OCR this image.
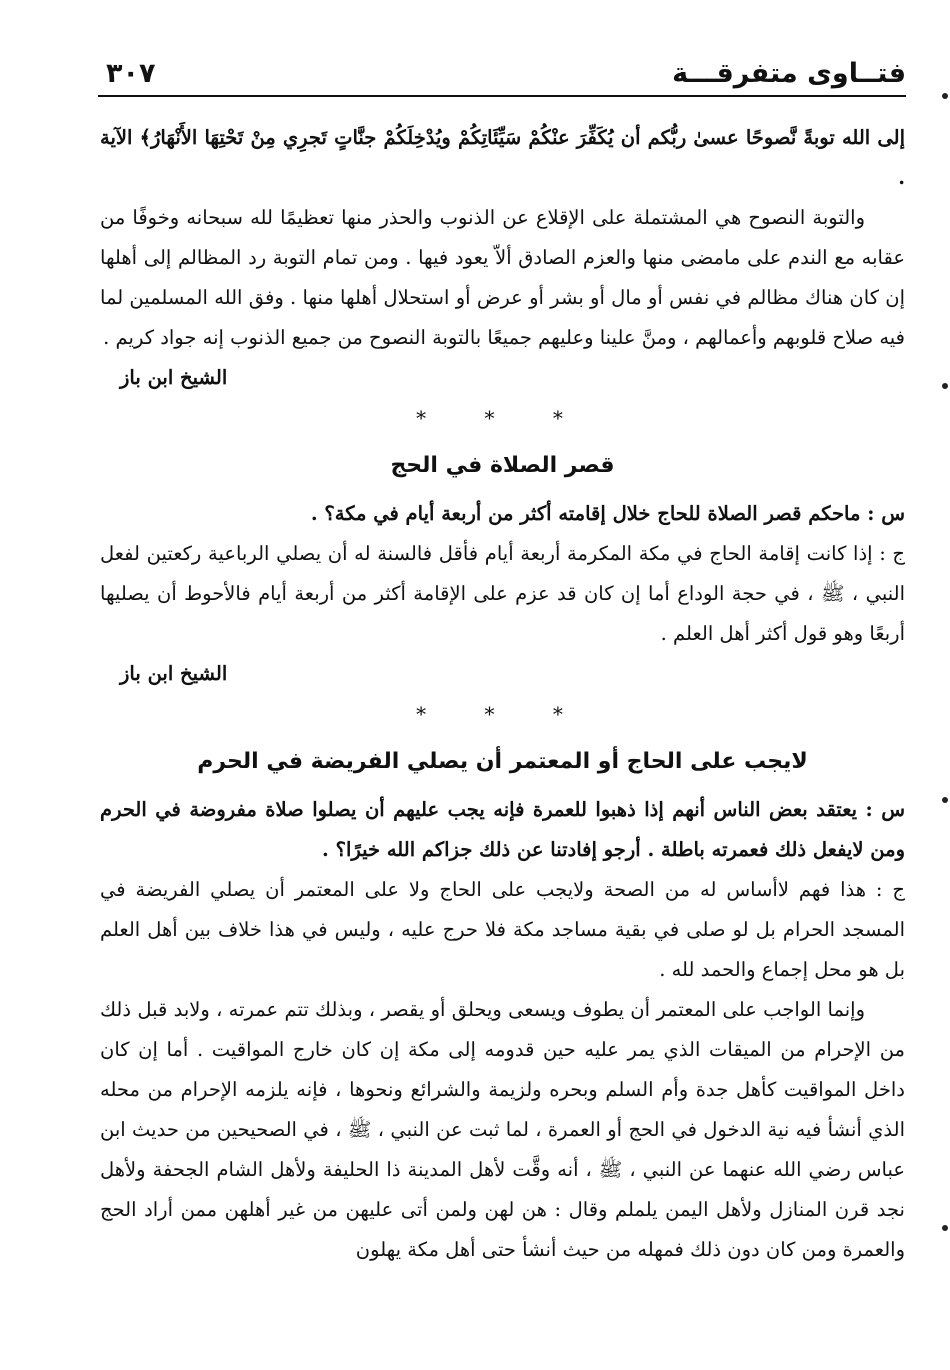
فتــاوى متفرقـــة
٣٠٧

إلى الله توبةً نَّصوحًا عسىٰ ربُّكم أن يُكَفِّرَ عنْكُمْ سَيِّئَاتِكُمْ ويُدْخِلَكُمْ جنَّاتٍ تَجرِي مِنْ تَحْتِهَا الأَنْهَارُ﴾ الآية .

والتوبة النصوح هي المشتملة على الإقلاع عن الذنوب والحذر منها تعظيمًا لله سبحانه وخوفًا من عقابه مع الندم على مامضى منها والعزم الصادق ألاّ يعود فيها . ومن تمام التوبة رد المظالم إلى أهلها إن كان هناك مظالم في نفس أو مال أو بشر أو عرض أو استحلال أهلها منها . وفق الله المسلمين لما فيه صلاح قلوبهم وأعمالهم ، ومنَّ علينا وعليهم جميعًا بالتوبة النصوح من جميع الذنوب إنه جواد كريم .

الشيخ ابن باز

* * *

قصر الصلاة في الحج

س : ماحكم قصر الصلاة للحاج خلال إقامته أكثر من أربعة أيام في مكة؟ .

ج : إذا كانت إقامة الحاج في مكة المكرمة أربعة أيام فأقل فالسنة له أن يصلي الرباعية ركعتين لفعل النبي ، ﷺ ، في حجة الوداع أما إن كان قد عزم على الإقامة أكثر من أربعة أيام فالأحوط أن يصليها أربعًا وهو قول أكثر أهل العلم .

الشيخ ابن باز

* * *

لايجب على الحاج أو المعتمر أن يصلي الفريضة في الحرم

س : يعتقد بعض الناس أنهم إذا ذهبوا للعمرة فإنه يجب عليهم أن يصلوا صلاة مفروضة في الحرم ومن لايفعل ذلك فعمرته باطلة . أرجو إفادتنا عن ذلك جزاكم الله خيرًا؟ .

ج : هذا فهم لاأساس له من الصحة ولايجب على الحاج ولا على المعتمر أن يصلي الفريضة في المسجد الحرام بل لو صلى في بقية مساجد مكة فلا حرج عليه ، وليس في هذا خلاف بين أهل العلم بل هو محل إجماع والحمد لله .

وإنما الواجب على المعتمر أن يطوف ويسعى ويحلق أو يقصر ، وبذلك تتم عمرته ، ولابد قبل ذلك من الإحرام من الميقات الذي يمر عليه حين قدومه إلى مكة إن كان خارج المواقيت . أما إن كان داخل المواقيت كأهل جدة وأم السلم وبحره ولزيمة والشرائع ونحوها ، فإنه يلزمه الإحرام من محله الذي أنشأ فيه نية الدخول في الحج أو العمرة ، لما ثبت عن النبي ، ﷺ ، في الصحيحين من حديث ابن عباس رضي الله عنهما عن النبي ، ﷺ ، أنه وقَّت لأهل المدينة ذا الحليفة ولأهل الشام الجحفة ولأهل نجد قرن المنازل ولأهل اليمن يلملم وقال : هن لهن ولمن أتى عليهن من غير أهلهن ممن أراد الحج والعمرة ومن كان دون ذلك فمهله من حيث أنشأ حتى أهل مكة يهلون
